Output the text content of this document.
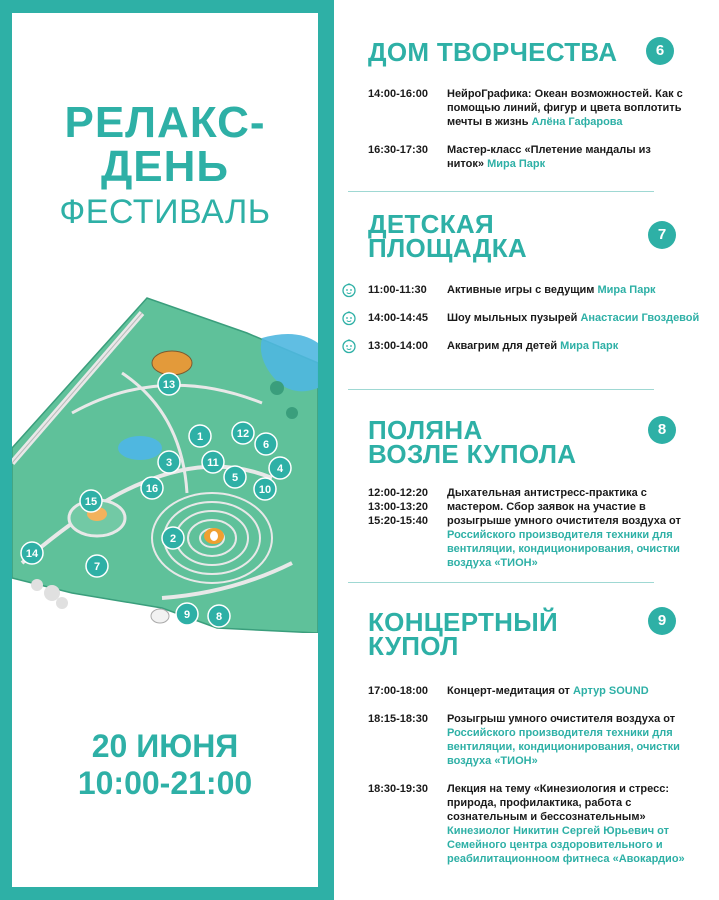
РЕЛАКС-
ДЕНЬ
ФЕСТИВАЛЬ
13
1	12
6
3	11	4
5
10
16
15
2
14
7
9 8
20 ИЮНЯ
10:00-21:00
ДОМ ТВОРЧЕСТВА	6
14:00-16:00 НейроГрафика: Океан возможностей. Как с помощью линий, фигур и цвета воплотить мечты в жизнь Алёна Гафарова
16:30-17:30 Мастер-класс «Плетение мандалы из ниток» Мира Парк
ДЕТСКАЯ
ПЛОЩАДКА	7
11:00-11:30 Активные игры с ведущим Мира Парк
14:00-14:45 Шоу мыльных пузырей Анастасии Гвоздевой
13:00-14:00 Аквагрим для детей Мира Парк
ПОЛЯНА
ВОЗЛЕ КУПОЛА
8
12:00-12:20
13:00-13:20
15:20-15:40
Дыхательная антистресс-практика с мастером. Сбор заявок на участие в розыгрыше умного очистителя воздуха от Российского производителя техники для вентиляции, кондиционирования, очистки воздуха «ТИОН»
КОНЦЕРТНЫЙ
КУПОЛ
9
17:00-18:00 Концерт-медитация от Артур SOUND
18:15-18:30 Розыгрыш умного очистителя воздуха от Российского производителя техники для вентиляции, кондиционирования, очистки воздуха «ТИОН»
18:30-19:30 Лекция на тему «Кинезиология и стресс: природа, профилактика, работа с сознательным и бессознательным» Кинезиолог Никитин Сергей Юрьевич от Семейного центра оздоровительного и реабилитационноом фитнеса «Авокардио»
